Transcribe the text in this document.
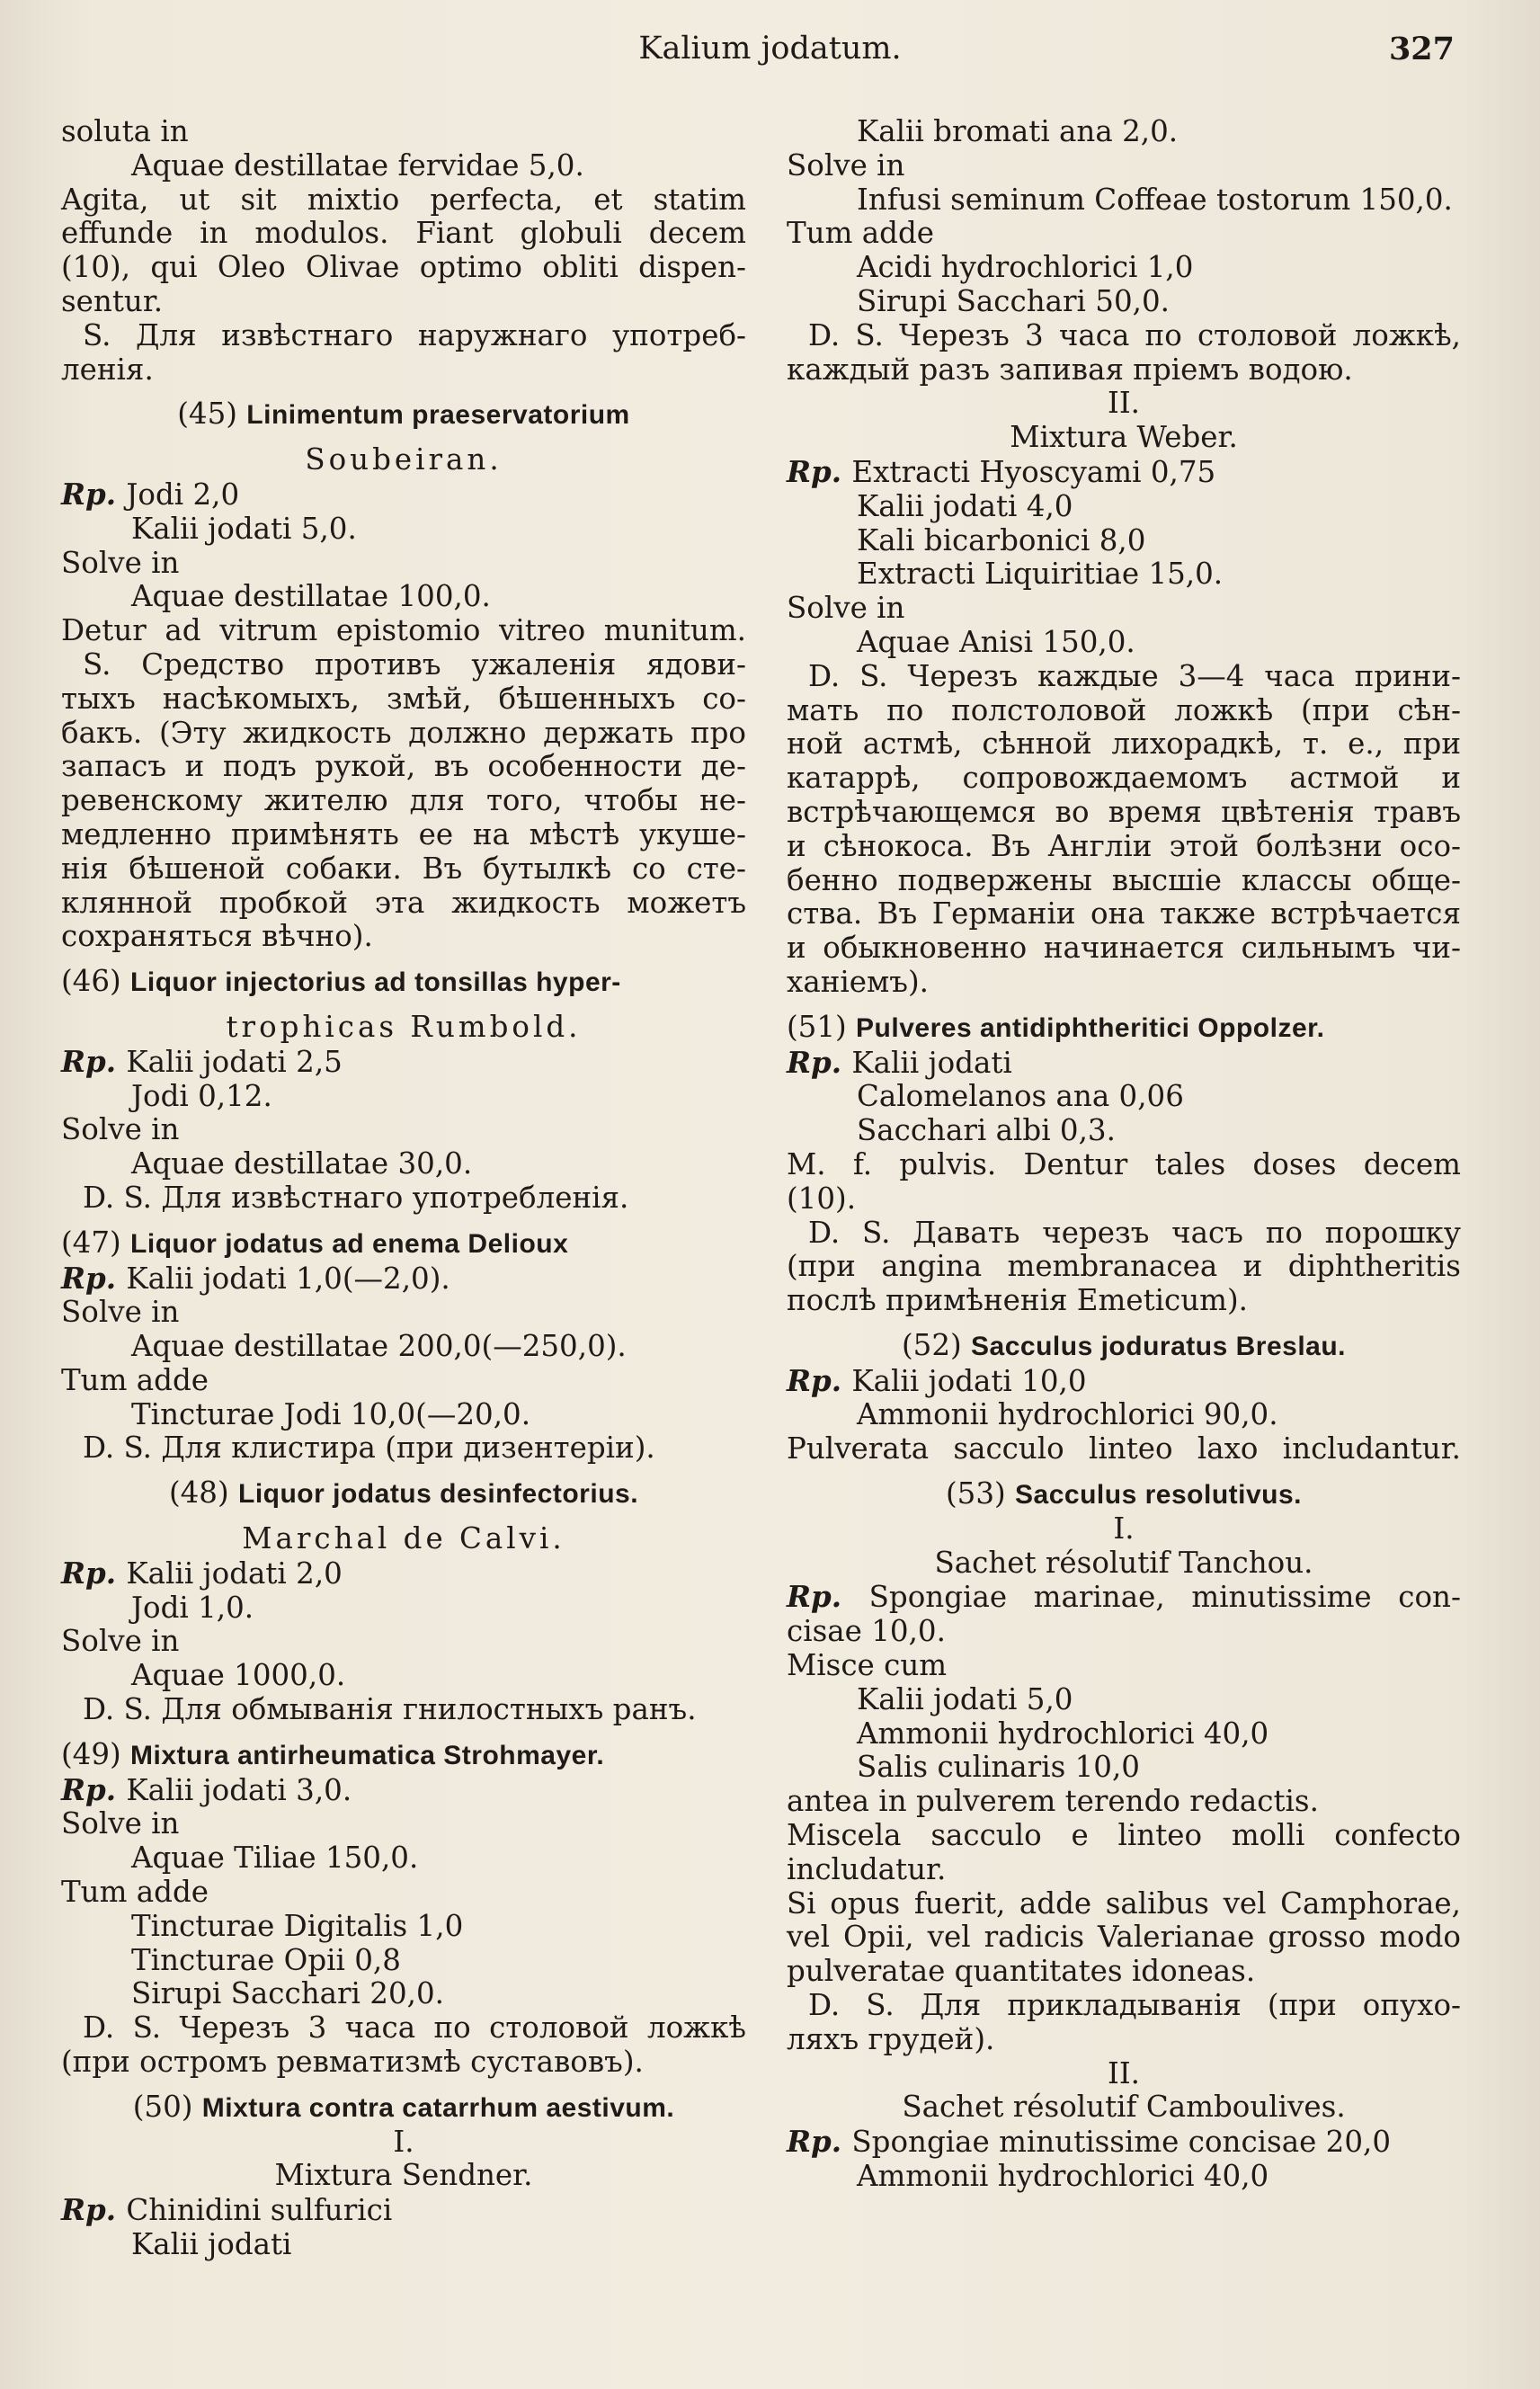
Kalium jodatum.	327
soluta in
Aquae destillatae fervidae 5,0.
Agita, ut sit mixtio perfecta, et statim
effunde in modulos. Fiant globuli decem
(10), qui Oleo Olivae optimo obliti dispen-
sentur.
S. Для извѣстнаго наружнаго употреб-
ленія.
(45) Linimentum praeservatorium
Soubeiran.
Rp. Jodi 2,0
Kalii jodati 5,0.
Solve in
Aquae destillatae 100,0.
Detur ad vitrum epistomio vitreo munitum.
S. Средство противъ ужаленія ядови-
тыхъ насѣкомыхъ, змѣй, бѣшенныхъ со-
бакъ. (Эту жидкость должно держать про
запасъ и подъ рукой, въ особенности де-
ревенскому жителю для того, чтобы не-
медленно примѣнять ее на мѣстѣ укуше-
нія бѣшеной собаки. Въ бутылкѣ со сте-
клянной пробкой эта жидкость можетъ
сохраняться вѣчно).
(46) Liquor injectorius ad tonsillas hyper-
trophicas Rumbold.
Rp. Kalii jodati 2,5
Jodi 0,12.
Solve in
Aquae destillatae 30,0.
D. S. Для извѣстнаго употребленія.
(47) Liquor jodatus ad enema Delioux
Rp. Kalii jodati 1,0(—2,0).
Solve in
Aquae destillatae 200,0(—250,0).
Tum adde
Tincturae Jodi 10,0(—20,0.
D. S. Для клистира (при дизентеріи).
(48) Liquor jodatus desinfectorius.
Marchal de Calvi.
Rp. Kalii jodati 2,0
Jodi 1,0.
Solve in
Aquae 1000,0.
D. S. Для обмыванія гнилостныхъ ранъ.
(49) Mixtura antirheumatica Strohmayer.
Rp. Kalii jodati 3,0.
Solve in
Aquae Tiliae 150,0.
Tum adde
Tincturae Digitalis 1,0
Tincturae Opii 0,8
Sirupi Sacchari 20,0.
D. S. Черезъ 3 часа по столовой ложкѣ
(при остромъ ревматизмѣ суставовъ).
(50) Mixtura contra catarrhum aestivum.
I.
Mixtura Sendner.
Rp. Chinidini sulfurici
Kalii jodati
Kalii bromati ana 2,0.
Solve in
Infusi seminum Coffeae tostorum 150,0.
Tum adde
Acidi hydrochlorici 1,0
Sirupi Sacchari 50,0.
D. S. Черезъ 3 часа по столовой ложкѣ,
каждый разъ запивая пріемъ водою.
II.
Mixtura Weber.
Rp. Extracti Hyoscyami 0,75
Kalii jodati 4,0
Kali bicarbonici 8,0
Extracti Liquiritiae 15,0.
Solve in
Aquae Anisi 150,0.
D. S. Черезъ каждые 3—4 часа прини-
мать по полстоловой ложкѣ (при сѣн-
ной астмѣ, сѣнной лихорадкѣ, т. е., при
катаррѣ, сопровождаемомъ астмой и
встрѣчающемся во время цвѣтенія травъ
и сѣнокоса. Въ Англіи этой болѣзни осо-
бенно подвержены высшіе классы обще-
ства. Въ Германіи она также встрѣчается
и обыкновенно начинается сильнымъ чи-
ханіемъ).
(51) Pulveres antidiphtheritici Oppolzer.
Rp. Kalii jodati
Calomelanos ana 0,06
Sacchari albi 0,3.
M. f. pulvis. Dentur tales doses decem
(10).
D. S. Давать черезъ часъ по порошку
(при angina membranacea и diphtheritis
послѣ примѣненія Emeticum).
(52) Sacculus joduratus Breslau.
Rp. Kalii jodati 10,0
Ammonii hydrochlorici 90,0.
Pulverata sacculo linteo laxo includantur.
(53) Sacculus resolutivus.
I.
Sachet résolutif Tanchou.
Rp. Spongiae marinae, minutissime con-
cisae 10,0.
Misce cum
Kalii jodati 5,0
Ammonii hydrochlorici 40,0
Salis culinaris 10,0
antea in pulverem terendo redactis.
Miscela sacculo e linteo molli confecto
includatur.
Si opus fuerit, adde salibus vel Camphorae,
vel Opii, vel radicis Valerianae grosso modo
pulveratae quantitates idoneas.
D. S. Для прикладыванія (при опухо-
ляхъ грудей).
II.
Sachet résolutif Camboulives.
Rp. Spongiae minutissime concisae 20,0
Ammonii hydrochlorici 40,0
